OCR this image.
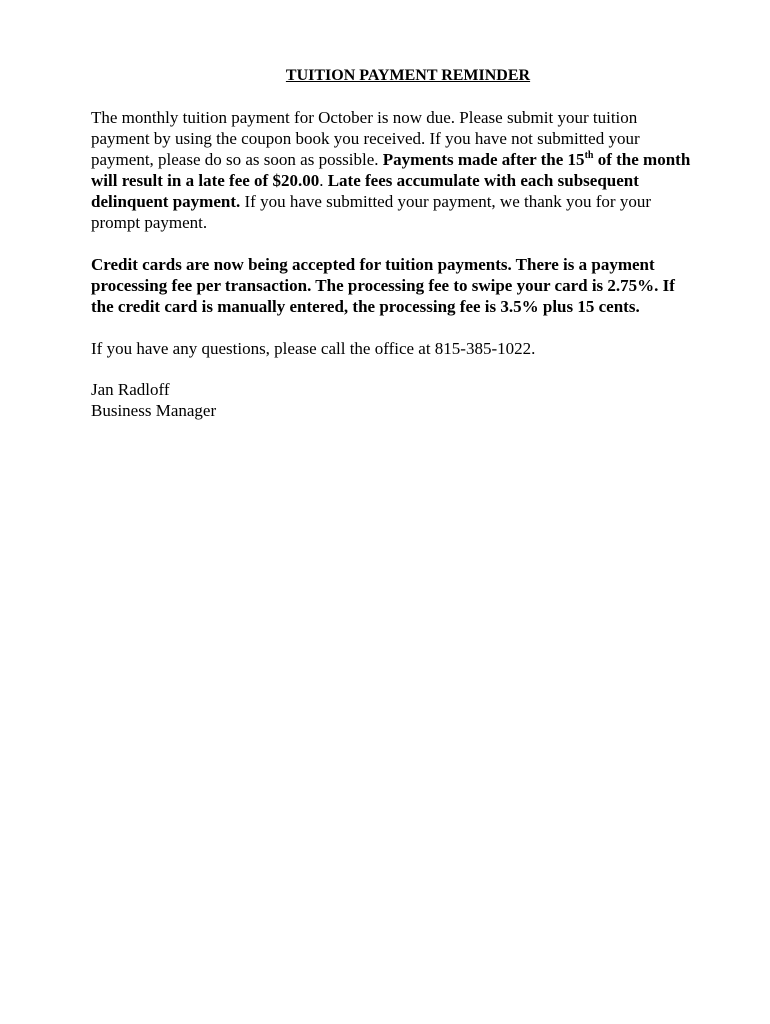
TUITION PAYMENT REMINDER
The monthly tuition payment for October is now due. Please submit your tuition
payment by using the coupon book you received. If you have not submitted your
payment, please do so as soon as possible. Payments made after the 15th of the month
will result in a late fee of $20.00. Late fees accumulate with each subsequent
delinquent payment. If you have submitted your payment, we thank you for your
prompt payment.
Credit cards are now being accepted for tuition payments. There is a payment
processing fee per transaction. The processing fee to swipe your card is 2.75%. If
the credit card is manually entered, the processing fee is 3.5% plus 15 cents.
If you have any questions, please call the office at 815-385-1022.
Jan Radloff
Business Manager
